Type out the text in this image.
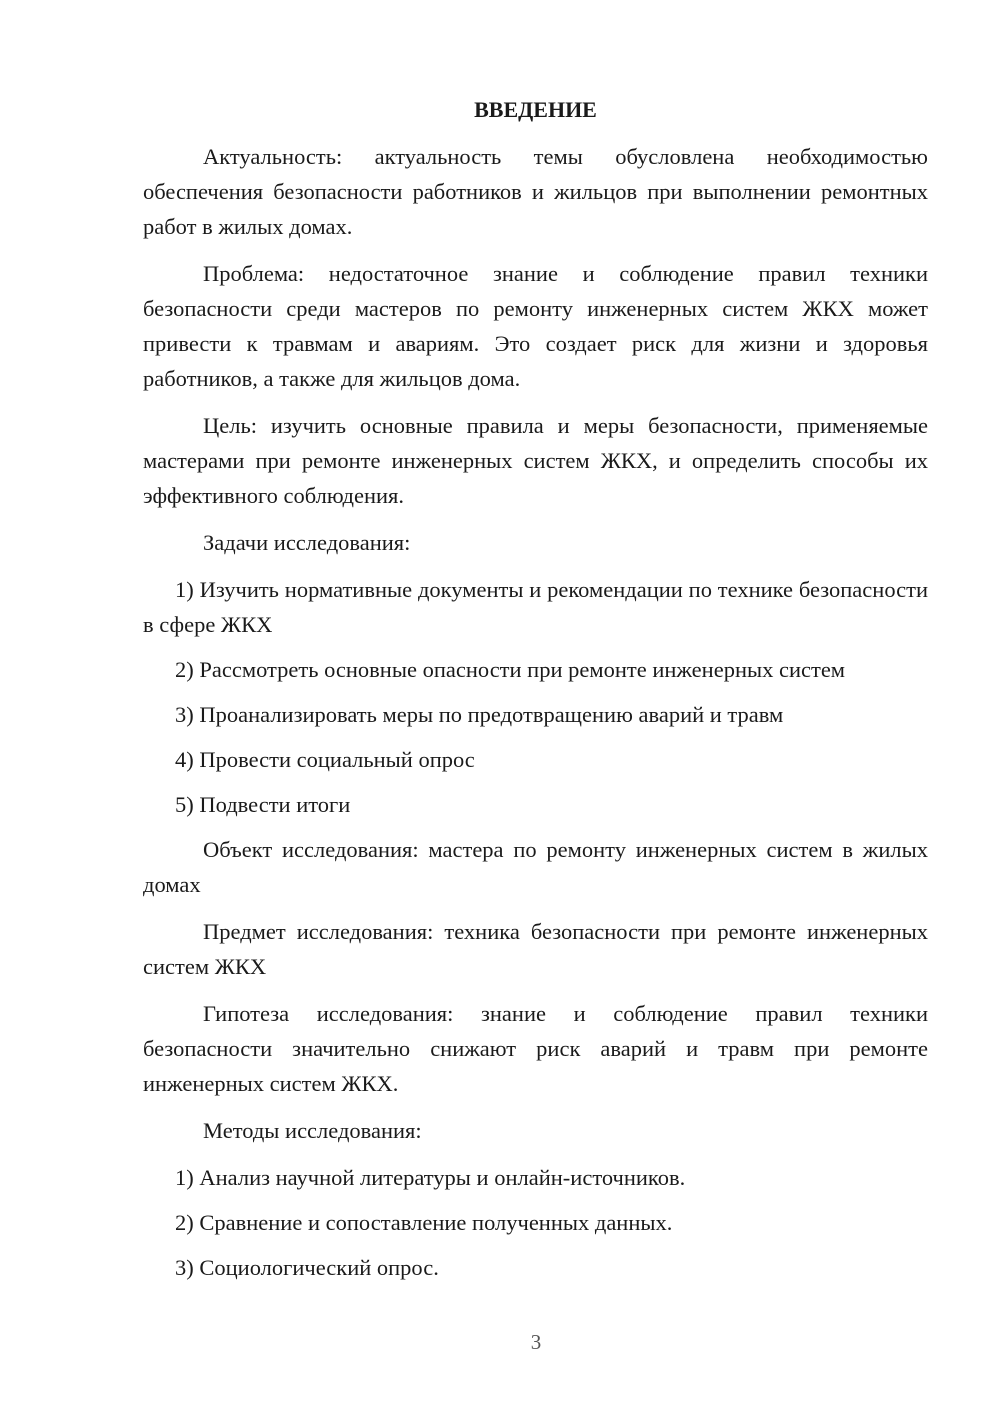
ВВЕДЕНИЕ
Актуальность: актуальность темы обусловлена необходимостью обеспечения безопасности работников и жильцов при выполнении ремонтных работ в жилых домах.
Проблема: недостаточное знание и соблюдение правил техники безопасности среди мастеров по ремонту инженерных систем ЖКХ может привести к травмам и авариям. Это создает риск для жизни и здоровья работников, а также для жильцов дома.
Цель: изучить основные правила и меры безопасности, применяемые мастерами при ремонте инженерных систем ЖКХ, и определить способы их эффективного соблюдения.
Задачи исследования:
1) Изучить нормативные документы и рекомендации по технике безопасности в сфере ЖКХ
2) Рассмотреть основные опасности при ремонте инженерных систем
3) Проанализировать меры по предотвращению аварий и травм
4) Провести социальный опрос
5) Подвести итоги
Объект исследования: мастера по ремонту инженерных систем в жилых домах
Предмет исследования: техника безопасности при ремонте инженерных систем ЖКХ
Гипотеза исследования: знание и соблюдение правил техники безопасности значительно снижают риск аварий и травм при ремонте инженерных систем ЖКХ.
Методы исследования:
1) Анализ научной литературы и онлайн-источников.
2) Сравнение и сопоставление полученных данных.
3) Социологический опрос.
3
